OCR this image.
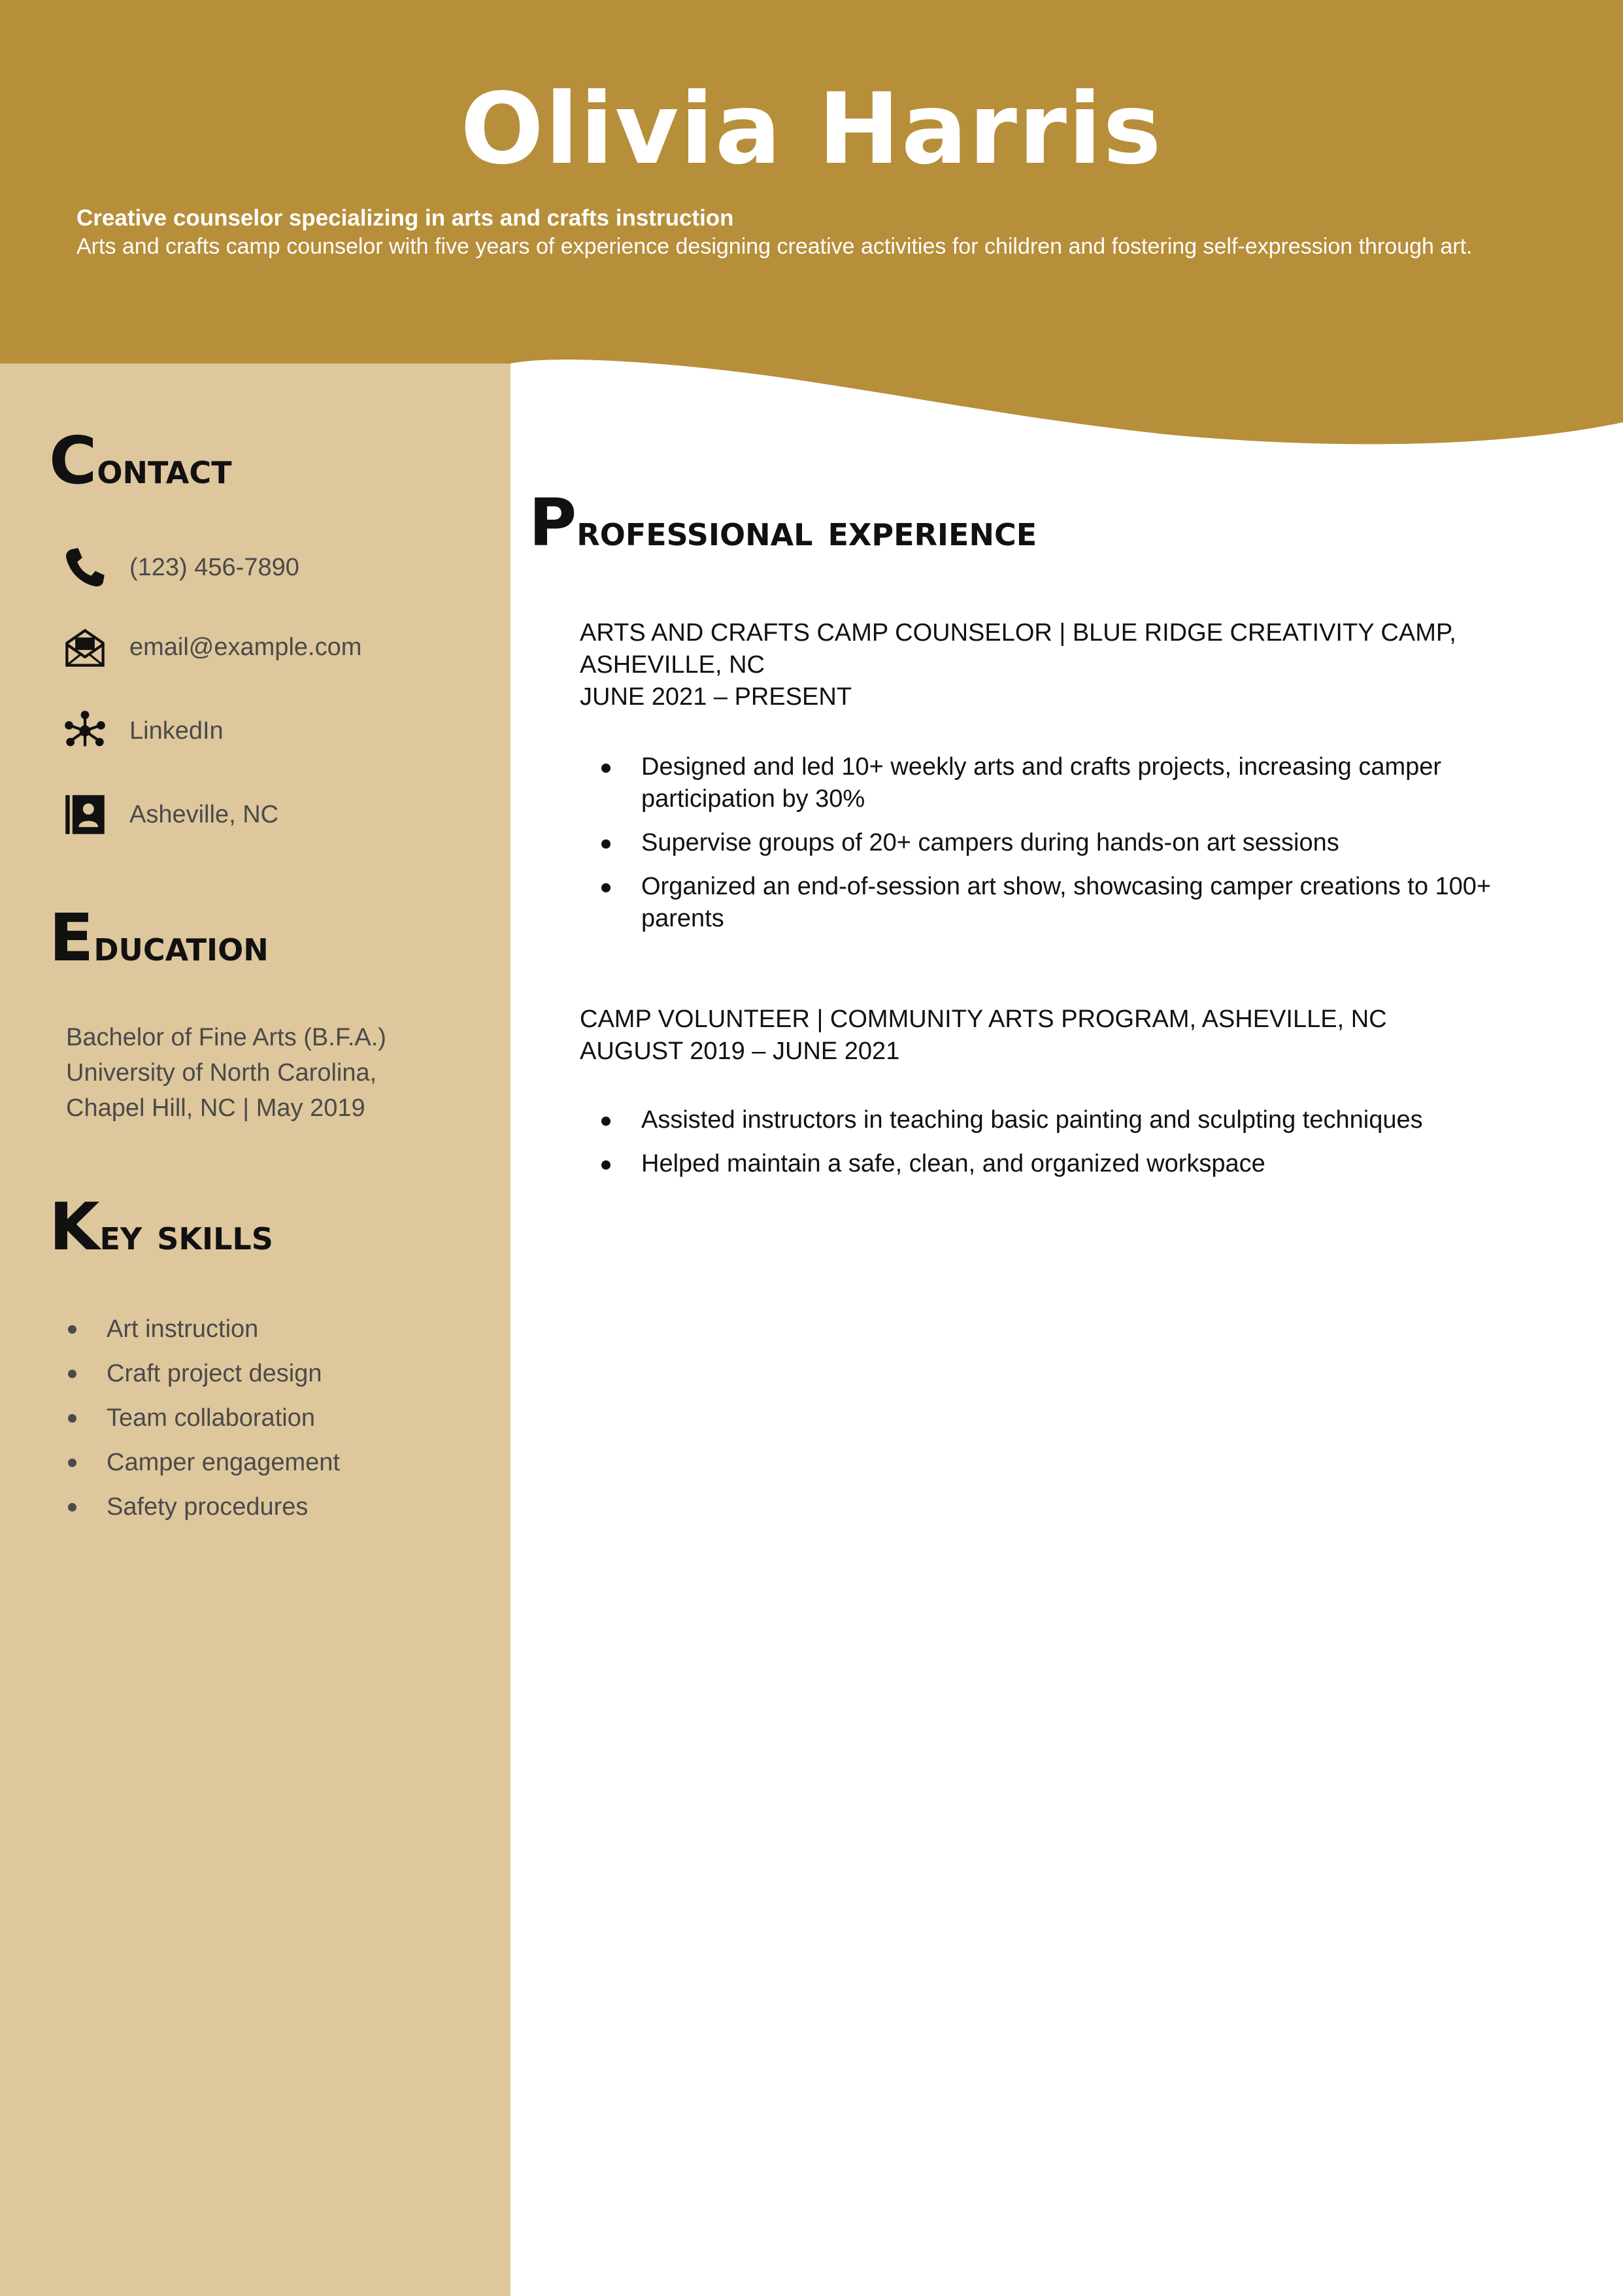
Olivia Harris

Creative counselor specializing in arts and crafts instruction

Arts and crafts camp counselor with five years of experience designing creative activities for children and fostering self-expression through art.

Contact
(123) 456-7890
email@example.com
LinkedIn
Asheville, NC
Education

Bachelor of Fine Arts (B.F.A.)

University of North Carolina,

Chapel Hill, NC | May 2019

Key skills
Art instruction
Craft project design
Team collaboration
Camper engagement
Safety procedures
Professional experience

ARTS AND CRAFTS CAMP COUNSELOR | BLUE RIDGE CREATIVITY CAMP, ASHEVILLE, NC

JUNE 2021 – PRESENT

Designed and led 10+ weekly arts and crafts projects, increasing camper participation by 30%
Supervise groups of 20+ campers during hands-on art sessions
Organized an end-of-session art show, showcasing camper creations to 100+ parents

CAMP VOLUNTEER | COMMUNITY ARTS PROGRAM, ASHEVILLE, NC

AUGUST 2019 – JUNE 2021

Assisted instructors in teaching basic painting and sculpting techniques
Helped maintain a safe, clean, and organized workspace
